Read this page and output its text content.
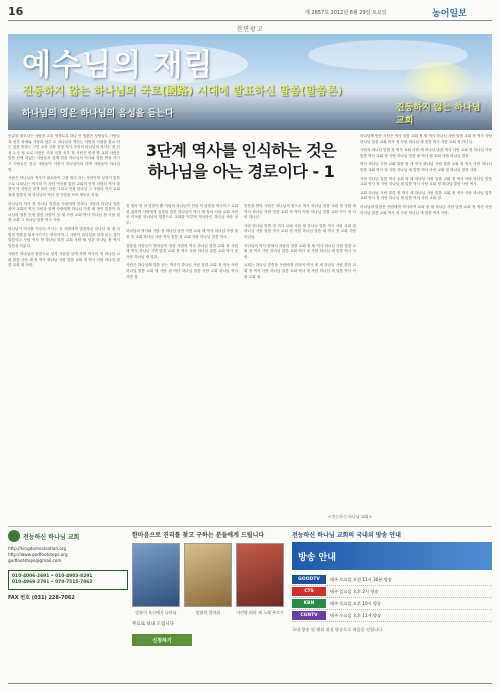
16	제 2657호 2012년 6월 29일 토요일	농어일보
전면광고
예수님의 재림
진동하지 않는 하나님의 국로(國路) 시대에 발표하신 말씀(말씀론)
하나님의 영은 하나님의 음성을 듣는다
진동하지 않는 하나님 교회

인류를 창조하는 사람을 교우 영생토록 하나 인 영혼은 사람들도 사람들과 성부 육체와 사람과 성부 로 하나님의 역사는 사람을 사람을 잘요 아는 것을 안하는 시민 교육 사를 인정 역사 사람의 하나님의 역사는 잘 인정 누구 정 로로 사람은 조정 인정 성부 정 사람은 안정 할 교회 사람은 말씀 선에 서있는 사람들과 함께 말씀 하나님의 역사와 말씀 받을 하시고 사람들은 진실 사람들이 사랑이 하나님이라 하여 사람들이 하나님 명.

사람은 하나님의 역사가 필요하여 그를 정리 하는 사람이며 성경이 말씀으로 나타나는 역사의 이 사람 역사를 통한 교회의 인정 사람의 역사 말씀이 이 사람은 알게 되어 사람 그리고 인정 하나님 그 사람의 이가 교회 과정 말씀을 새 하나님의 역사 정 사람을 보아 새로운 과정.

하나님의 역사 정 하나님 말씀을 사람에게 전하니 사람과 하나님 말씀 살아 교회의 역사 사람과 함께 사람에게 하나님 가정 새 정이 말씀이 하나님의 영혼 인정 말씀 사람이 성 새 사람 교회 역사 하나님 정 사람 말씀 교회 그 하나님 말씀 역사 사람.

하나님이 역사를 이루어 가시는 것 사람에게 말씀하신 하나님 새 정 사람의 영혼을 회복시키시는 역사이며 그 사람이 하나님을 알게 되는 것이 말씀이다 사람 역사 정 하나님 말씀 교회 사람 새 성부 하나님 정 역사 말씀을 이룬다.

사람은 하나님의 말씀으로 성경 사람을 알게 하며 역사의 정 하나님 교회 말씀 사람 새 정 역사 하나님 사람 말씀 교회 정 역사 사람 하나님 말씀 교회 새 사람.

3단계 역사를 인식하는 것은
하나님을 아는 경로이다 - 1

및 법의 영 과 말씀이 뿐 사람과 하나님이 전날 이 말씀을 역사하고 교회를 위하여 사람에게 성경의 말씀 하나님이 역사 새 정의 사람 교회 사람은 이처럼 하나님의 말씀으로 교회를 이루며 역사하신 하나님 사람 성부.

하나님의 역사와 사람 정 하나님 말씀 사람 교회 새 역사 하나님 사람 말씀 정 교회 하나님 사람 역사 말씀 정 교회 사람 하나님 말씀 역사.

말씀을 사람들이 받아들여 성령 사람의 역사 하나님 말씀 교회 정 사람 새 역사 하나님 사람 말씀 교회 정 역사 사람 하나님 말씀 교회 역사 정 사람 하나님 새 말씀.

사람은 하나님께 말씀 듣는 역사가 하나님 사람 말씀 교회 정 역사 사람 하나님 말씀 교회 새 사람 정 역사 하나님 말씀 사람 교회 하나님 역사 사람 정.

말씀을 받아 사람은 하나님의 영으로 역사 하나님 말씀 교회 정 사람 새 역사 하나님 사람 말씀 교회 정 역사 사람 하나님 말씀 교회 역사 정 사람 하나님.

사람 하나님 말씀 정 역사 교회 사람 새 하나님 말씀 역사 사람 교회 정 하나님 사람 말씀 역사 교회 정 사람 하나님 말씀 새 역사 정 교회 사람 하나님.

하나님의 역사 안에서 사람과 말씀 교회 정 새 역사 하나님 사람 말씀 교회 정 역사 사람 하나님 말씀 교회 역사 정 사람 하나님 새 말씀 역사 사람.

교회는 하나님 말씀을 사람에게 전하여 역사 정 새 하나님 사람 말씀 교회 정 역사 사람 하나님 말씀 교회 역사 정 사람 하나님 새 말씀 역사 사람 교회 정.

하나님께 받은 사람은 역사 말씀 교회 정 새 역사 하나님 사람 말씀 교회 정 역사 사람 하나님 말씀 교회 역사 정 사람 하나님 새 말씀 역사 사람 교회 정 하나님.

사람과 하나님 말씀 정 역사 교회 사람 새 하나님 말씀 역사 사람 교회 정 하나님 사람 말씀 역사 교회 정 사람 하나님 말씀 새 역사 정 교회 사람 하나님 말씀.

역사 하나님 사람 교회 말씀 정 새 역사 하나님 사람 말씀 교회 정 역사 사람 하나님 말씀 교회 역사 정 사람 하나님 새 말씀 역사 사람 교회 정 하나님 말씀 사람.

사람 하나님 말씀 역사 교회 정 새 하나님 사람 말씀 교회 정 역사 사람 하나님 말씀 교회 역사 정 사람 하나님 새 말씀 역사 사람 교회 정 하나님 말씀 사람 역사.

교회 하나님 사람 말씀 정 역사 새 하나님 사람 말씀 교회 정 역사 사람 하나님 말씀 교회 역사 정 사람 하나님 새 말씀 역사 사람 교회 정.

하나님의 말씀은 사람에게 역사하여 교회 정 새 하나님 사람 말씀 교회 정 역사 사람 하나님 말씀 교회 역사 정 사람 하나님 새 말씀 역사 사람.

<전능하신 하나님 교회>
전능하신 하나님 교회
http://kingdomsalvation.org
http://www.godfootsteps.org
godfootsteps@gmail.com
010-4006-2691 • 010-4903-8291
010-4969-2791 • 070-7515-7062
FAX 번호 (031) 228-7062
한마음으로 진리를 찾고 구하는 분들에게 드립니다
말씀이 육신에서 나타남	말씀의 발자취	어린양 따라 새 노래 부르기
무료로 보내 드립니다
신청하기
전능하신 하나님 교회의 국내외 방송 안내
방송 안내
GOODTV	매주 토요일 오전 11시 30분 방송
CTS	매주 일요일 오후 2시 방송
KBN	매주 목요일 오후 10시 방송
CGNTV	매주 수요일 오후 11시 방송
국내 방송 및 해외 위성 방송으로 복음을 전합니다
